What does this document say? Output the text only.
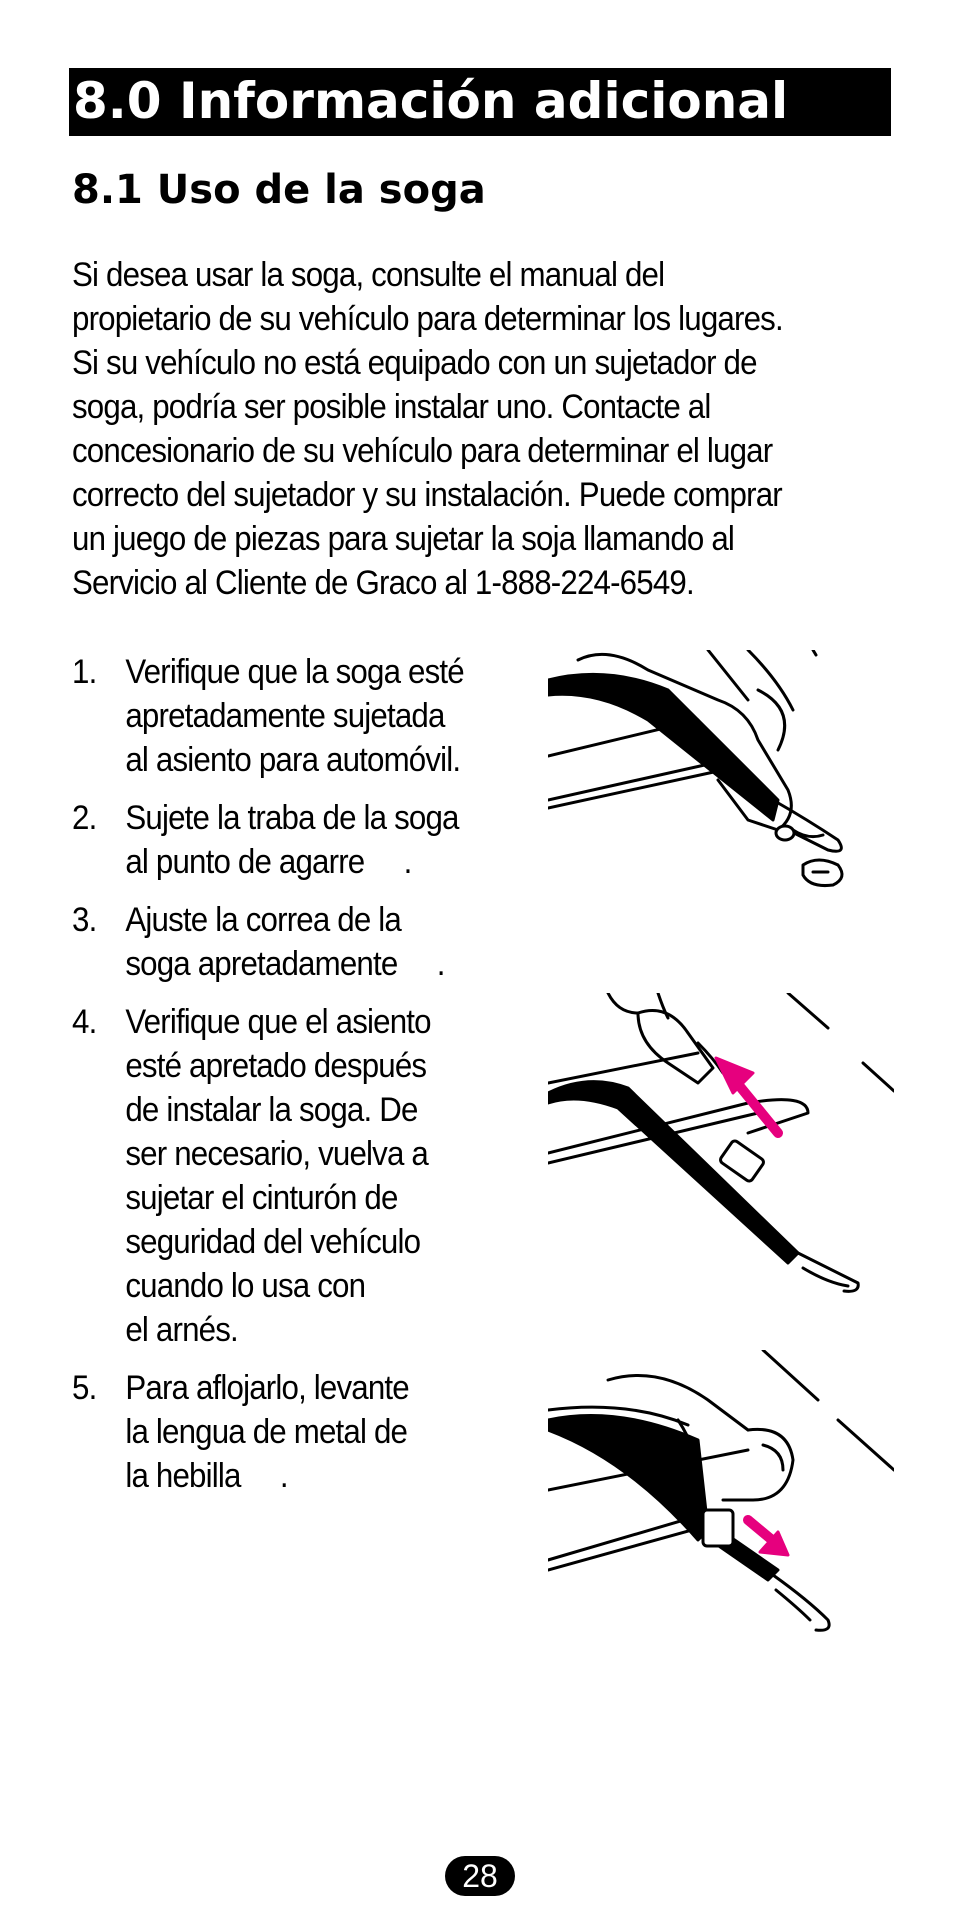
8.0 Información adicional
8.1 Uso de la soga
Si desea usar la soga, consulte el manual del
propietario de su vehículo para determinar los lugares.
Si su vehículo no está equipado con un sujetador de
soga, podría ser posible instalar uno. Contacte al
concesionario de su vehículo para determinar el lugar
correcto del sujetador y su instalación. Puede comprar
un juego de piezas para sujetar la soja llamando al
Servicio al Cliente de Graco al 1-888-224-6549.
1. Verifique que la soga esté
apretadamente sujetada
al asiento para automóvil.
2. Sujete la traba de la soga
al punto de agarre     .
3. Ajuste la correa de la
soga apretadamente     .
4. Verifique que el asiento
esté apretado después
de instalar la soga. De
ser necesario, vuelva a
sujetar el cinturón de
seguridad del vehículo
cuando lo usa con
el arnés.
5. Para aflojarlo, levante
la lengua de metal de
la hebilla     .
28
